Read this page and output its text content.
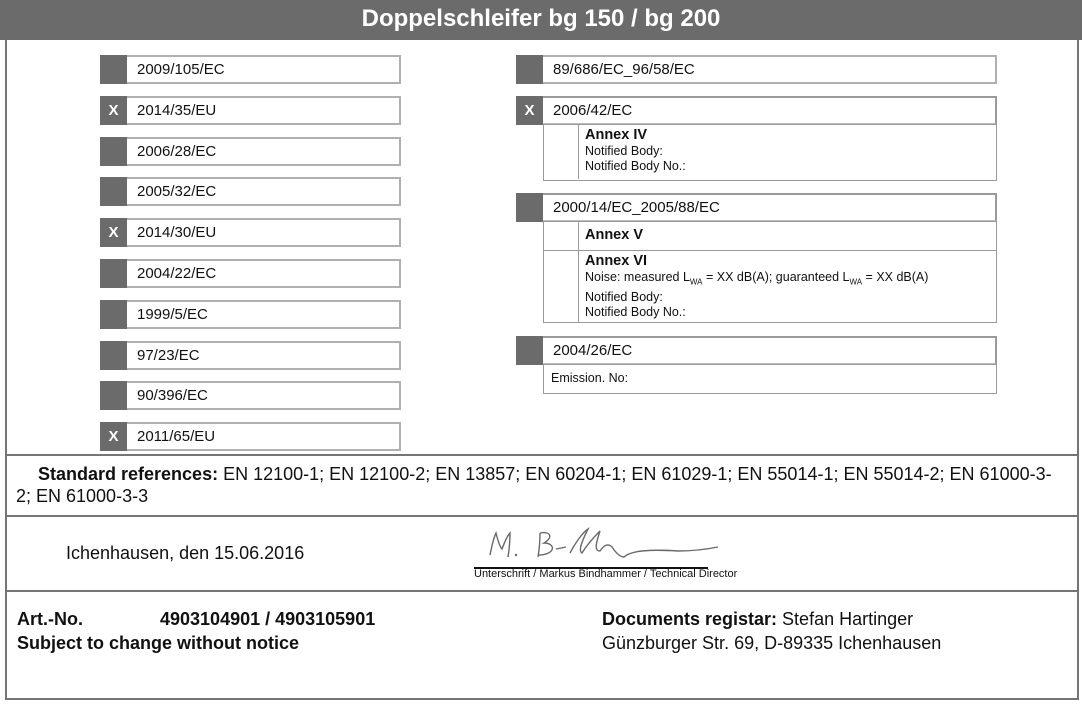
Doppelschleifer bg 150 / bg 200
2009/105/EC
X	2014/35/EU
2006/28/EC
2005/32/EC
X	2014/30/EU
2004/22/EC
1999/5/EC
97/23/EC
90/396/EC
X	2011/65/EU
89/686/EC_96/58/EC
X	2006/42/EC
Annex IV
Notified Body:
Notified Body No.:
2000/14/EC_2005/88/EC
Annex V
Annex VI
Noise: measured $L_{WA}$ = XX dB(A); guaranteed $L_{WA}$ = XX dB(A)
Notified Body:
Notified Body No.:
2004/26/EC
Emission. No:
Standard references: EN 12100-1; EN 12100-2; EN 13857; EN 60204-1; EN 61029-1; EN 55014-1; EN 55014-2; EN 61000-3-2; EN 61000-3-3
Ichenhausen, den 15.06.2016
Unterschrift / Markus Bindhammer / Technical Director
Art.-No.	4903104901 / 4903105901
Subject to change without notice
Documents registar: Stefan Hartinger
Günzburger Str. 69, D-89335 Ichenhausen
